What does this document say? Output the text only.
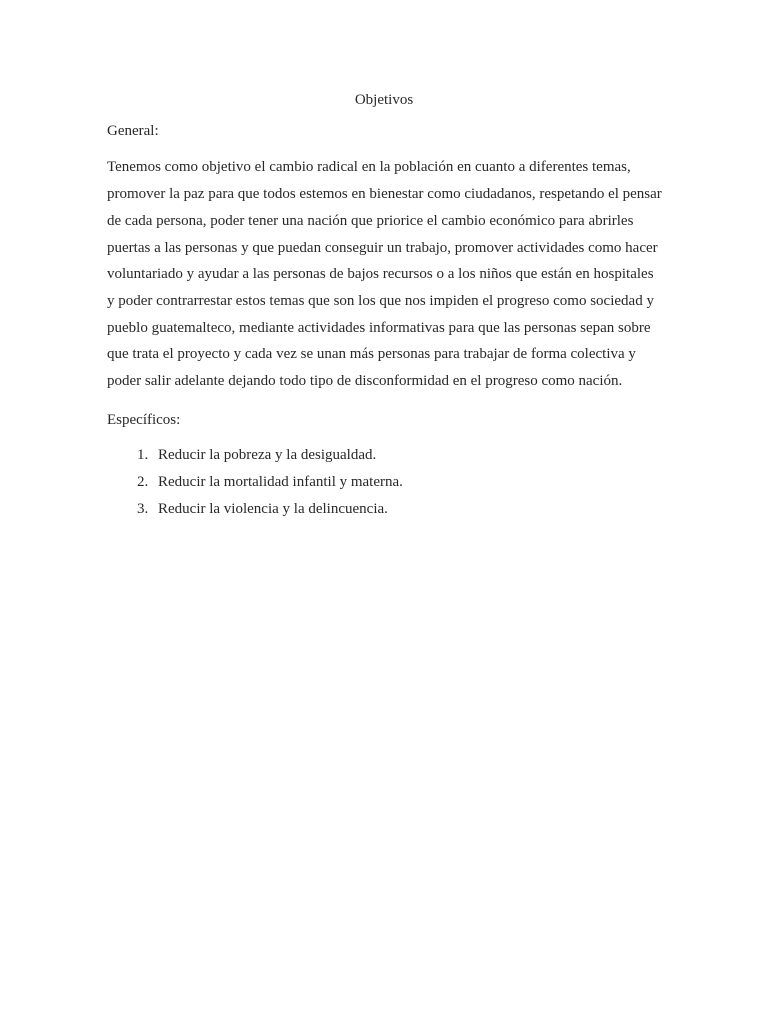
Objetivos

General:

Tenemos como objetivo el cambio radical en la población en cuanto a diferentes temas, promover la paz para que todos estemos en bienestar como ciudadanos, respetando el pensar de cada persona, poder tener una nación que priorice el cambio económico para abrirles puertas a las personas y que puedan conseguir un trabajo, promover actividades como hacer voluntariado y ayudar a las personas de bajos recursos o a los niños que están en hospitales y poder contrarrestar estos temas que son los que nos impiden el progreso como sociedad y pueblo guatemalteco, mediante actividades informativas para que las personas sepan sobre que trata el proyecto y cada vez se unan más personas para trabajar de forma colectiva y poder salir adelante dejando todo tipo de disconformidad en el progreso como nación.

Específicos:

1. Reducir la pobreza y la desigualdad.
2. Reducir la mortalidad infantil y materna.
3. Reducir la violencia y la delincuencia.
